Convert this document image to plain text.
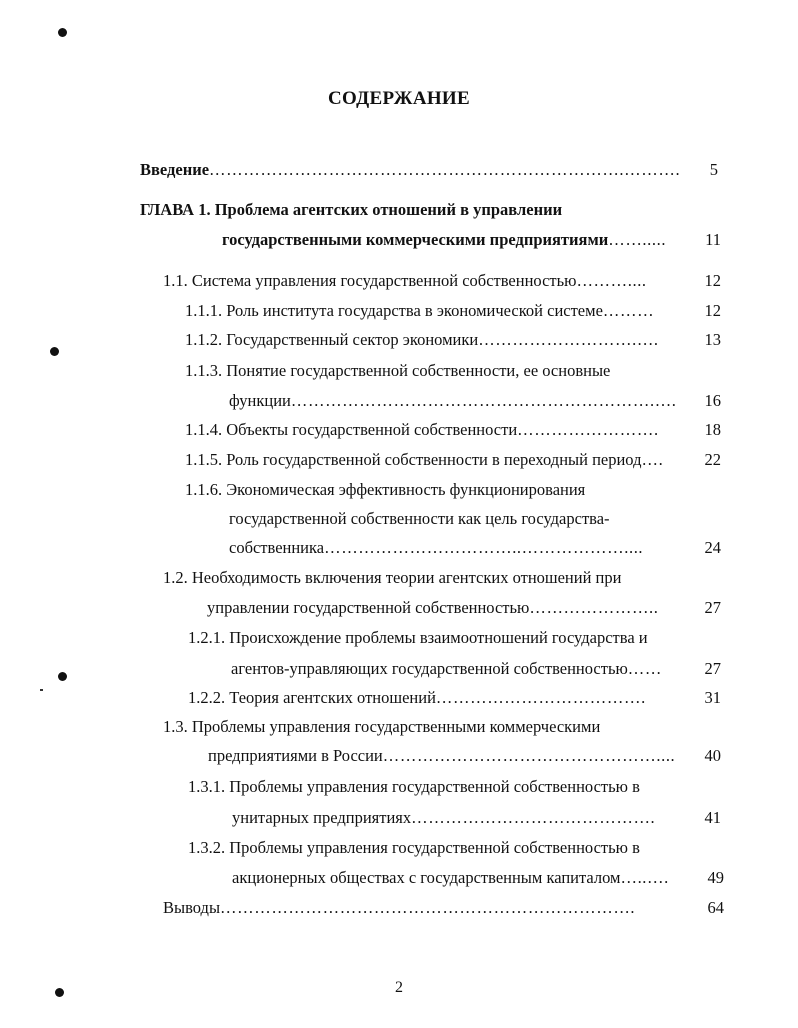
СОДЕРЖАНИЕ
Введение……………………………………………………………….……….	5
ГЛАВА 1. Проблема агентских отношений в управлении
государственными коммерческими предприятиями…….....	11
1.1. Система управления государственной собственностью………....	12
1.1.1. Роль института государства в экономической системе………	12
1.1.2. Государственный сектор экономики……………………….….	13
1.1.3. Понятие государственной собственности, ее основные
функции……………………………………………………….….	16
1.1.4. Объекты государственной собственности…………………….	18
1.1.5. Роль государственной собственности в переходный период….	22
1.1.6. Экономическая эффективность функционирования
государственной собственности как цель государства-
собственника……………………………..………………....	24
1.2. Необходимость включения теории агентских отношений при
управлении государственной собственностью…………………..	27
1.2.1. Происхождение проблемы взаимоотношений государства и
агентов-управляющих государственной собственностью……	27
1.2.2. Теория агентских отношений……………………………….	31
1.3. Проблемы управления государственными коммерческими
предприятиями в России…………………………………………....	40
1.3.1. Проблемы управления государственной собственностью в
унитарных предприятиях…………………………………….	41
1.3.2. Проблемы управления государственной собственностью в
акционерных обществах с государственным капиталом…..….	49
Выводы……………………………………………………………….	64
2
